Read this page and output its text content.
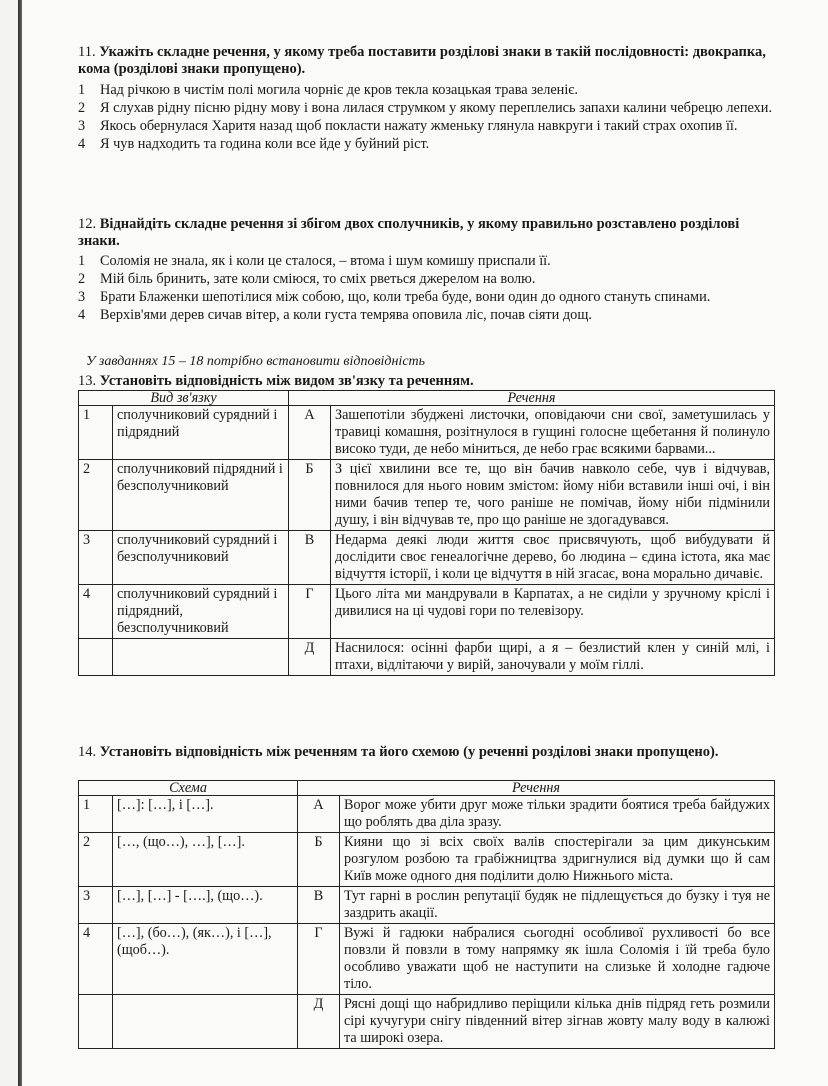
11. Укажіть складне речення, у якому треба поставити розділові знаки в такій послідовності: двокрапка, кома (розділові знаки пропущено).
1	Над річкою в чистім полі могила чорніє де кров текла козацькая трава зеленіє.
2	Я слухав рідну пісню рідну мову і вона лилася струмком у якому переплелись запахи калини чебрецю лепехи.
3	Якось обернулася Харитя назад щоб покласти нажату жменьку глянула навкруги і такий страх охопив її.
4	Я чув надходить та година коли все йде у буйний ріст.
12. Віднайдіть складне речення зі збігом двох сполучників, у якому правильно розставлено розділові знаки.
1	Соломія не знала, як і коли це сталося, – втома і шум комишу приспали її.
2	Мій біль бринить, зате коли сміюся, то сміх рветься джерелом на волю.
3	Брати Блаженки шепотілися між собою, що, коли треба буде, вони один до одного стануть спинами.
4	Верхів'ями дерев сичав вітер, а коли густа темрява оповила ліс, почав сіяти дощ.
У завданнях 15 – 18 потрібно встановити відповідність
13. Установіть відповідність між видом зв'язку та реченням.
Вид зв'язку		Речення	
1	сполучниковий сурядний і підрядний	А	Зашепотіли збуджені листочки, оповідаючи сни свої, заметушилась у травиці комашня, розітнулося в гущині голосне щебетання й полинуло високо туди, де небо міниться, де небо грає всякими барвами...
2	сполучниковий підрядний і безсполучниковий	Б	З цієї хвилини все те, що він бачив навколо себе, чув і відчував, повнилося для нього новим змістом: йому ніби вставили інші очі, і він ними бачив тепер те, чого раніше не помічав, йому ніби підмінили душу, і він відчував те, про що раніше не здогадувався.
3	сполучниковий сурядний і безсполучниковий	В	Недарма деякі люди життя своє присвячують, щоб вибудувати й дослідити своє генеалогічне дерево, бо людина – єдина істота, яка має відчуття історії, і коли це відчуття в ній згасає, вона морально дичавіє.
4	сполучниковий сурядний і підрядний, безсполучниковий	Г	Цього літа ми мандрували в Карпатах, а не сиділи у зручному кріслі і дивилися на ці чудові гори по телевізору.
		Д	Наснилося: осінні фарби щирі, а я – безлистий клен у синій млі, і птахи, відлітаючи у вирій, заночували у моїм гіллі.
14. Установіть відповідність між реченням та його схемою (у реченні розділові знаки пропущено).
Схема		Речення	
1	[…]: […], і […].	А	Ворог може убити друг може тільки зрадити боятися треба байдужих що роблять два діла зразу.
2	[…, (що…), …], […].	Б	Кияни що зі всіх своїх валів спостерігали за цим дикунським розгулом розбою та грабіжництва здригнулися від думки що й сам Київ може одного дня поділити долю Нижнього міста.
3	[…], […] - [….], (що…).	В	Тут гарні в рослин репутації будяк не підлещується до бузку і туя не заздрить акації.
4	[…], (бо…), (як…), і […], (щоб…).	Г	Вужі й гадюки набралися сьогодні особливої рухливості бо все повзли й повзли в тому напрямку як ішла Соломія і їй треба було особливо уважати щоб не наступити на слизьке й холодне гадюче тіло.
		Д	Рясні дощі що набридливо періщили кілька днів підряд геть розмили сірі кучугури снігу південний вітер зігнав жовту малу воду в калюжі та широкі озера.
